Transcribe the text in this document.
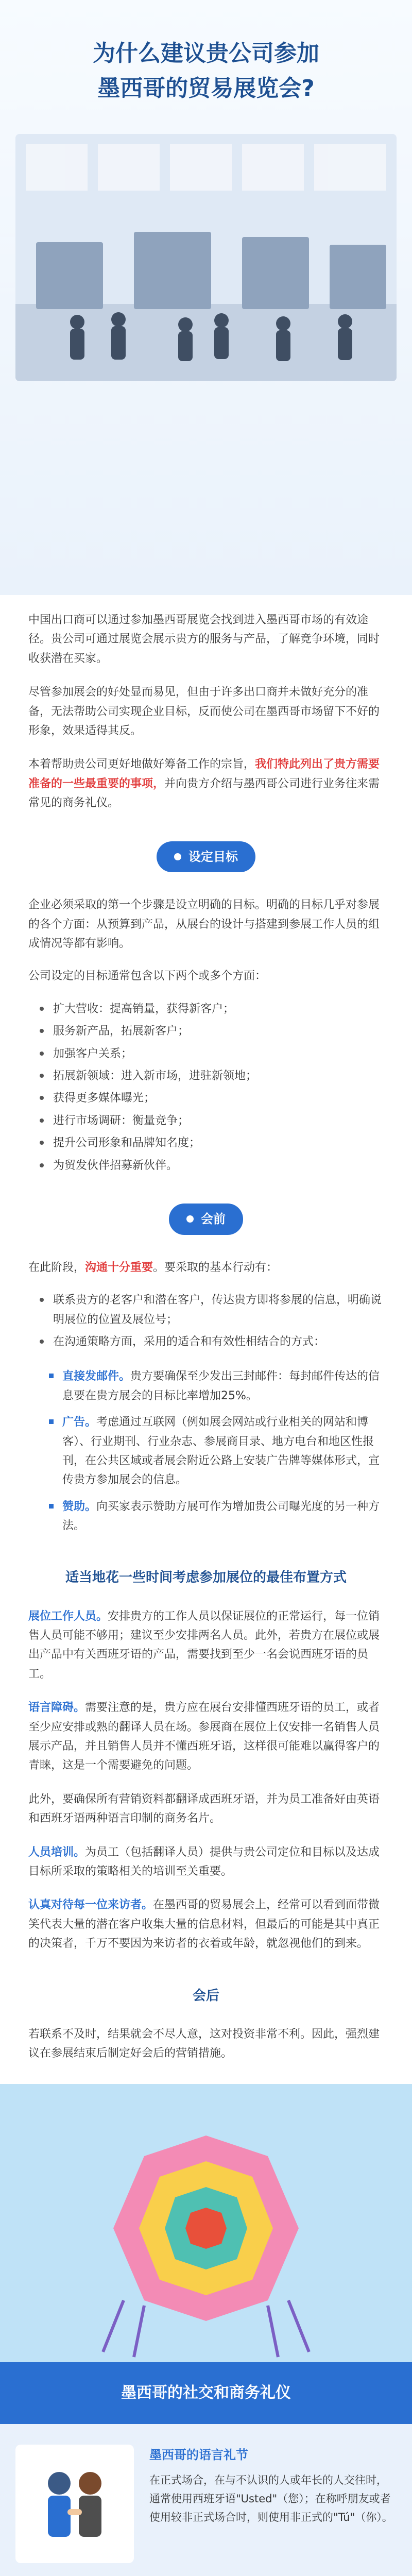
为什么建议贵公司参加
墨西哥的贸易展览会?

中国出口商可以通过参加墨西哥展览会找到进入墨西哥市场的有效途径。贵公司可通过展览会展示贵方的服务与产品，了解竞争环境，同时收获潜在买家。

尽管参加展会的好处显而易见，但由于许多出口商并未做好充分的准备，无法帮助公司实现企业目标，反而使公司在墨西哥市场留下不好的形象，效果适得其反。

本着帮助贵公司更好地做好筹备工作的宗旨，我们特此列出了贵方需要准备的一些最重要的事项，并向贵方介绍与墨西哥公司进行业务往来需常见的商务礼仪。

设定目标

企业必须采取的第一个步骤是设立明确的目标。明确的目标几乎对参展的各个方面：从预算到产品，从展台的设计与搭建到参展工作人员的组成情况等都有影响。

公司设定的目标通常包含以下两个或多个方面：

扩大营收：提高销量，获得新客户；
服务新产品，拓展新客户；
加强客户关系；
拓展新领域：进入新市场，进驻新领地；
获得更多媒体曝光；
进行市场调研：衡量竞争；
提升公司形象和品牌知名度；
为贸发伙伴招募新伙伴。
会前

在此阶段，沟通十分重要。要采取的基本行动有：

联系贵方的老客户和潜在客户，传达贵方即将参展的信息，明确说明展位的位置及展位号；
在沟通策略方面，采用的适合和有效性相结合的方式：
直接发邮件。贵方要确保至少发出三封邮件：每封邮件传达的信息要在贵方展会的目标比率增加25%。
广告。考虑通过互联网（例如展会网站或行业相关的网站和博客）、行业期刊、行业杂志、参展商目录、地方电台和地区性报刊，在公共区域或者展会附近公路上安装广告牌等媒体形式，宣传贵方参加展会的信息。
赞助。向买家表示赞助方展可作为增加贵公司曝光度的另一种方法。
适当地花一些时间考虑参加展位的最佳布置方式

展位工作人员。安排贵方的工作人员以保证展位的正常运行，每一位销售人员可能不够用；建议至少安排两名人员。此外，若贵方在展位或展出产品中有关西班牙语的产品，需要找到至少一名会说西班牙语的员工。

语言障碍。需要注意的是，贵方应在展台安排懂西班牙语的员工，或者至少应安排或熟的翻译人员在场。参展商在展位上仅安排一名销售人员展示产品，并且销售人员并不懂西班牙语，这样很可能难以赢得客户的青睐，这是一个需要避免的问题。

此外，要确保所有营销资料都翻译成西班牙语，并为员工准备好由英语和西班牙语两种语言印制的商务名片。

人员培训。为员工（包括翻译人员）提供与贵公司定位和目标以及达成目标所采取的策略相关的培训至关重要。

认真对待每一位来访者。在墨西哥的贸易展会上，经常可以看到面带微笑代表大量的潜在客户收集大量的信息材料，但最后的可能是其中真正的决策者，千万不要因为来访者的衣着或年龄，就忽视他们的到来。

会后

若联系不及时，结果就会不尽人意，这对投资非常不利。因此，强烈建议在参展结束后制定好会后的营销措施。

墨西哥的社交和商务礼仪
墨西哥的语言礼节

在正式场合，在与不认识的人或年长的人交往时，通常使用西班牙语"Usted"（您）；在称呼朋友或者使用较非正式场合时，则使用非正式的"Tú"（你）。
